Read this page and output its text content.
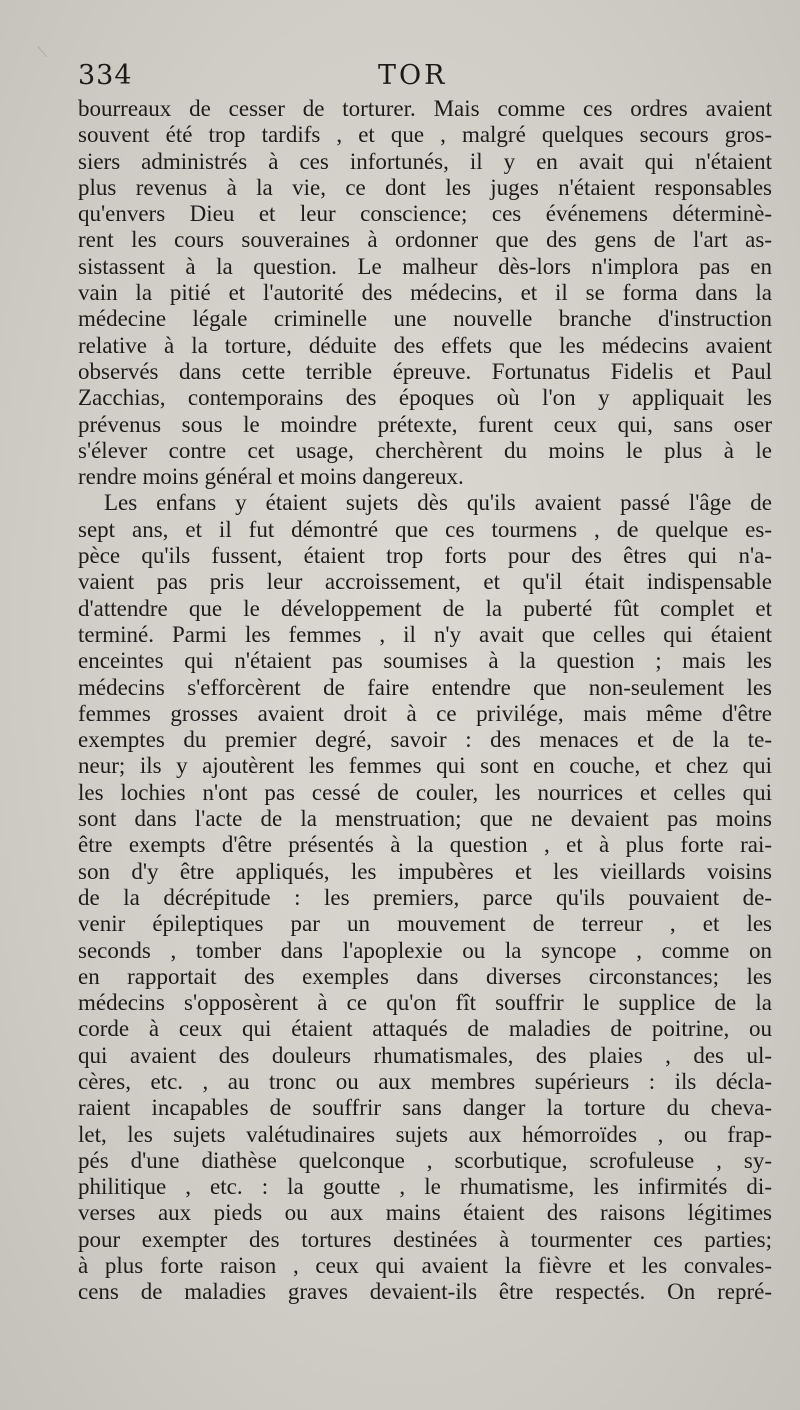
334	TOR
bourreaux de cesser de torturer. Mais comme ces ordres avaient
souvent été trop tardifs , et que , malgré quelques secours gros-
siers administrés à ces infortunés, il y en avait qui n'étaient
plus revenus à la vie, ce dont les juges n'étaient responsables
qu'envers Dieu et leur conscience; ces événemens déterminè-
rent les cours souveraines à ordonner que des gens de l'art as-
sistassent à la question. Le malheur dès-lors n'implora pas en
vain la pitié et l'autorité des médecins, et il se forma dans la
médecine légale criminelle une nouvelle branche d'instruction
relative à la torture, déduite des effets que les médecins avaient
observés dans cette terrible épreuve. Fortunatus Fidelis et Paul
Zacchias, contemporains des époques où l'on y appliquait les
prévenus sous le moindre prétexte, furent ceux qui, sans oser
s'élever contre cet usage, cherchèrent du moins le plus à le
rendre moins général et moins dangereux.
Les enfans y étaient sujets dès qu'ils avaient passé l'âge de
sept ans, et il fut démontré que ces tourmens , de quelque es-
pèce qu'ils fussent, étaient trop forts pour des êtres qui n'a-
vaient pas pris leur accroissement, et qu'il était indispensable
d'attendre que le développement de la puberté fût complet et
terminé. Parmi les femmes , il n'y avait que celles qui étaient
enceintes qui n'étaient pas soumises à la question ; mais les
médecins s'efforcèrent de faire entendre que non-seulement les
femmes grosses avaient droit à ce privilége, mais même d'être
exemptes du premier degré, savoir : des menaces et de la te-
neur; ils y ajoutèrent les femmes qui sont en couche, et chez qui
les lochies n'ont pas cessé de couler, les nourrices et celles qui
sont dans l'acte de la menstruation; que ne devaient pas moins
être exempts d'être présentés à la question , et à plus forte rai-
son d'y être appliqués, les impubères et les vieillards voisins
de la décrépitude : les premiers, parce qu'ils pouvaient de-
venir épileptiques par un mouvement de terreur , et les
seconds , tomber dans l'apoplexie ou la syncope , comme on
en rapportait des exemples dans diverses circonstances; les
médecins s'opposèrent à ce qu'on fît souffrir le supplice de la
corde à ceux qui étaient attaqués de maladies de poitrine, ou
qui avaient des douleurs rhumatismales, des plaies , des ul-
cères, etc. , au tronc ou aux membres supérieurs : ils décla-
raient incapables de souffrir sans danger la torture du cheva-
let, les sujets valétudinaires sujets aux hémorroïdes , ou frap-
pés d'une diathèse quelconque , scorbutique, scrofuleuse , sy-
philitique , etc. : la goutte , le rhumatisme, les infirmités di-
verses aux pieds ou aux mains étaient des raisons légitimes
pour exempter des tortures destinées à tourmenter ces parties;
à plus forte raison , ceux qui avaient la fièvre et les convales-
cens de maladies graves devaient-ils être respectés. On repré-
